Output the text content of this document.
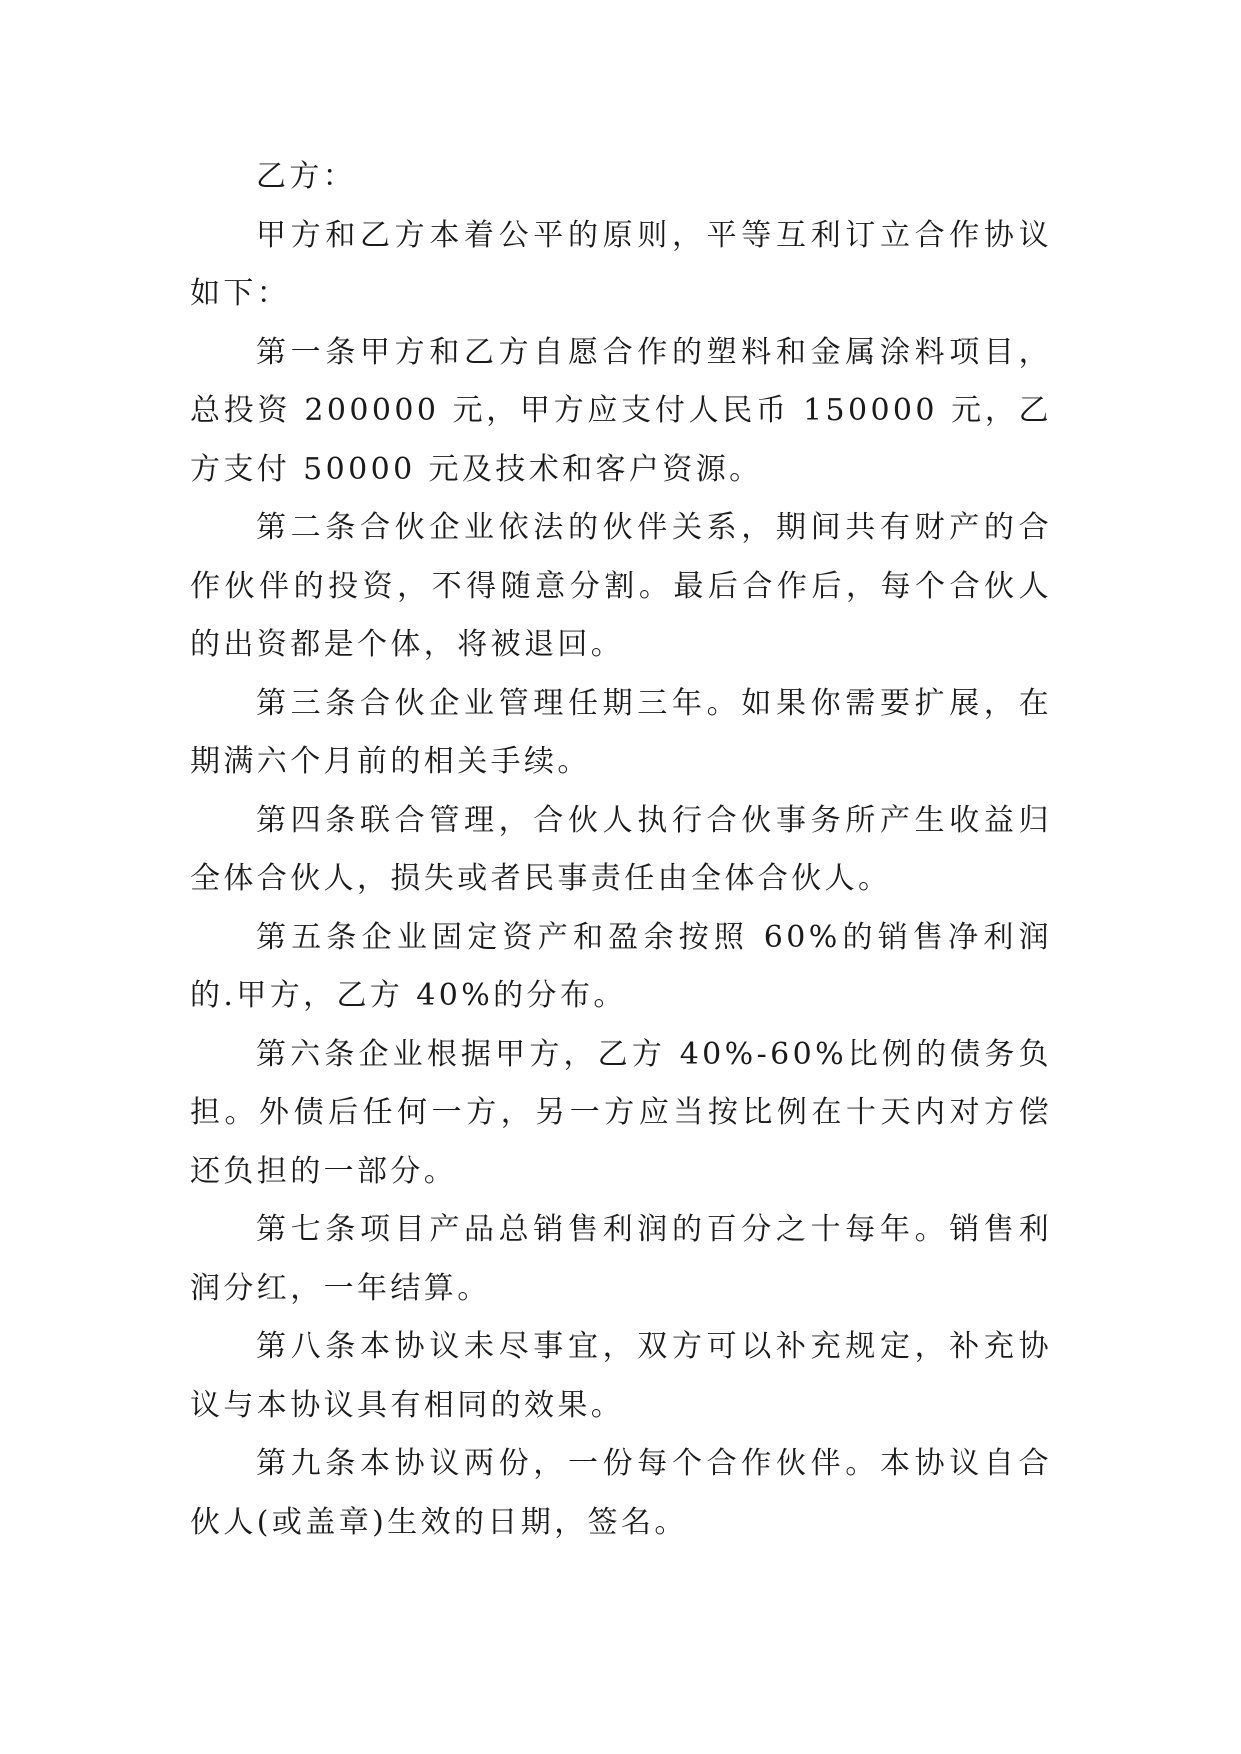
乙方：

甲方和乙方本着公平的原则，平等互利订立合作协议如下：

第一条甲方和乙方自愿合作的塑料和金属涂料项目，总投资 200000 元，甲方应支付人民币 150000 元，乙方支付 50000 元及技术和客户资源。

第二条合伙企业依法的伙伴关系，期间共有财产的合作伙伴的投资，不得随意分割。最后合作后，每个合伙人的出资都是个体，将被退回。

第三条合伙企业管理任期三年。如果你需要扩展，在期满六个月前的相关手续。

第四条联合管理，合伙人执行合伙事务所产生收益归全体合伙人，损失或者民事责任由全体合伙人。

第五条企业固定资产和盈余按照 60%的销售净利润的.甲方，乙方 40%的分布。

第六条企业根据甲方，乙方 40%-60%比例的债务负担。外债后任何一方，另一方应当按比例在十天内对方偿还负担的一部分。

第七条项目产品总销售利润的百分之十每年。销售利润分红，一年结算。

第八条本协议未尽事宜，双方可以补充规定，补充协议与本协议具有相同的效果。

第九条本协议两份，一份每个合作伙伴。本协议自合伙人(或盖章)生效的日期，签名。
